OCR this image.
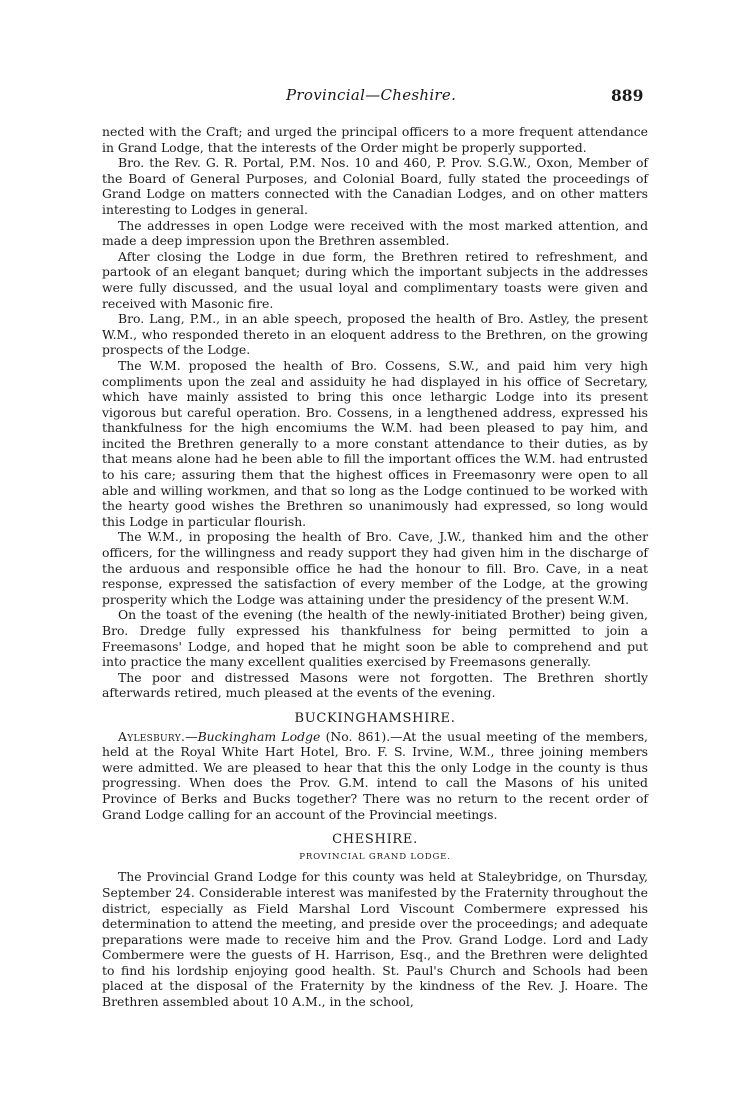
Provincial—Cheshire.	889

nected with the Craft; and urged the principal officers to a more frequent attendance in Grand Lodge, that the interests of the Order might be properly supported.

Bro. the Rev. G. R. Portal, P.M. Nos. 10 and 460, P. Prov. S.G.W., Oxon, Member of the Board of General Purposes, and Colonial Board, fully stated the proceedings of Grand Lodge on matters connected with the Canadian Lodges, and on other matters interesting to Lodges in general.

The addresses in open Lodge were received with the most marked attention, and made a deep impression upon the Brethren assembled.

After closing the Lodge in due form, the Brethren retired to refreshment, and partook of an elegant banquet; during which the important subjects in the addresses were fully discussed, and the usual loyal and complimentary toasts were given and received with Masonic fire.

Bro. Lang, P.M., in an able speech, proposed the health of Bro. Astley, the present W.M., who responded thereto in an eloquent address to the Brethren, on the growing prospects of the Lodge.

The W.M. proposed the health of Bro. Cossens, S.W., and paid him very high compliments upon the zeal and assiduity he had displayed in his office of Secretary, which have mainly assisted to bring this once lethargic Lodge into its present vigorous but careful operation. Bro. Cossens, in a lengthened address, expressed his thankfulness for the high encomiums the W.M. had been pleased to pay him, and incited the Brethren generally to a more constant attendance to their duties, as by that means alone had he been able to fill the important offices the W.M. had entrusted to his care; assuring them that the highest offices in Freemasonry were open to all able and willing workmen, and that so long as the Lodge continued to be worked with the hearty good wishes the Brethren so unanimously had expressed, so long would this Lodge in particular flourish.

The W.M., in proposing the health of Bro. Cave, J.W., thanked him and the other officers, for the willingness and ready support they had given him in the discharge of the arduous and responsible office he had the honour to fill. Bro. Cave, in a neat response, expressed the satisfaction of every member of the Lodge, at the growing prosperity which the Lodge was attaining under the presidency of the present W.M.

On the toast of the evening (the health of the newly-initiated Brother) being given, Bro. Dredge fully expressed his thankfulness for being permitted to join a Freemasons' Lodge, and hoped that he might soon be able to comprehend and put into practice the many excellent qualities exercised by Freemasons generally.

The poor and distressed Masons were not forgotten. The Brethren shortly afterwards retired, much pleased at the events of the evening.

BUCKINGHAMSHIRE.

Aylesbury.—Buckingham Lodge (No. 861).—At the usual meeting of the members, held at the Royal White Hart Hotel, Bro. F. S. Irvine, W.M., three joining members were admitted. We are pleased to hear that this the only Lodge in the county is thus progressing. When does the Prov. G.M. intend to call the Masons of his united Province of Berks and Bucks together? There was no return to the recent order of Grand Lodge calling for an account of the Provincial meetings.

CHESHIRE.
PROVINCIAL GRAND LODGE.

The Provincial Grand Lodge for this county was held at Staleybridge, on Thursday, September 24. Considerable interest was manifested by the Fraternity throughout the district, especially as Field Marshal Lord Viscount Combermere expressed his determination to attend the meeting, and preside over the proceedings; and adequate preparations were made to receive him and the Prov. Grand Lodge. Lord and Lady Combermere were the guests of H. Harrison, Esq., and the Brethren were delighted to find his lordship enjoying good health. St. Paul's Church and Schools had been placed at the disposal of the Fraternity by the kindness of the Rev. J. Hoare. The Brethren assembled about 10 A.M., in the school,
